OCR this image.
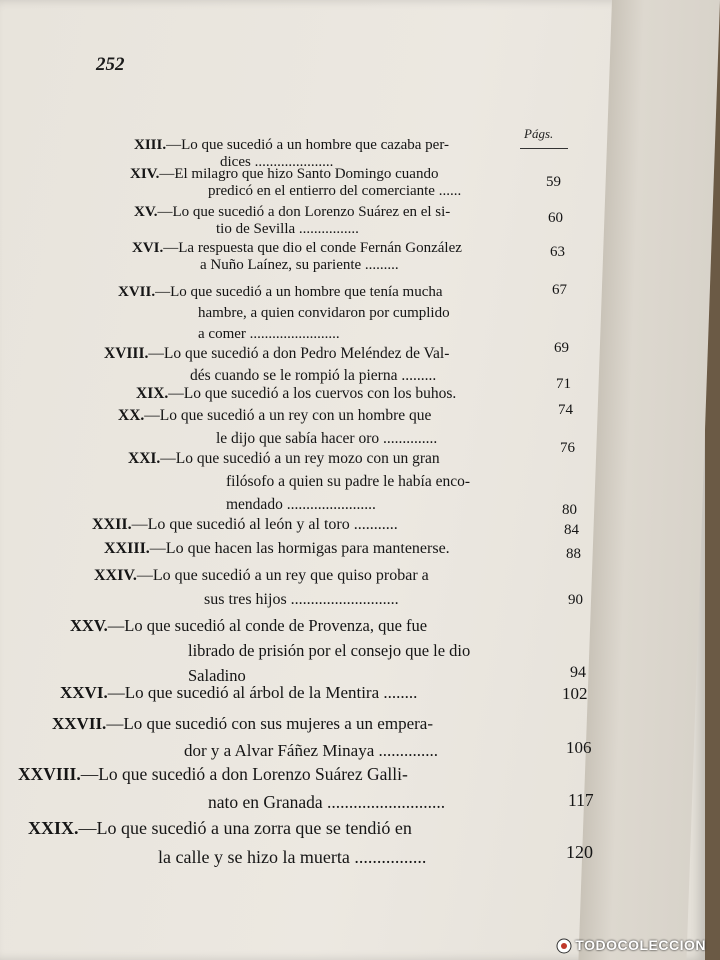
252
Págs.
XIII.—Lo que sucedió a un hombre que cazaba per-
dices .....................
59
XIV.—El milagro que hizo Santo Domingo cuando
predicó en el entierro del comerciante ......
60
XV.—Lo que sucedió a don Lorenzo Suárez en el si-
tio de Sevilla ................
63
XVI.—La respuesta que dio el conde Fernán González
a Nuño Laínez, su pariente .........
67
XVII.—Lo que sucedió a un hombre que tenía mucha
hambre, a quien convidaron por cumplido
a comer ........................
69
XVIII.—Lo que sucedió a don Pedro Meléndez de Val-
dés cuando se le rompió la pierna .........	71
XIX.—Lo que sucedió a los cuervos con los buhos.
74
XX.—Lo que sucedió a un rey con un hombre que
le dijo que sabía hacer oro ..............
76
XXI.—Lo que sucedió a un rey mozo con un gran
filósofo a quien su padre le había enco-
mendado .......................	80
XXII.—Lo que sucedió al león y al toro ...........	84
XXIII.—Lo que hacen las hormigas para mantenerse.	88
XXIV.—Lo que sucedió a un rey que quiso probar a
sus tres hijos ...........................	90
XXV.—Lo que sucedió al conde de Provenza, que fue
librado de prisión por el consejo que le dio
Saladino	94
XXVI.—Lo que sucedió al árbol de la Mentira ........	102
XXVII.—Lo que sucedió con sus mujeres a un empera-
dor y a Alvar Fáñez Minaya ..............	106
XXVIII.—Lo que sucedió a don Lorenzo Suárez Galli-
nato en Granada ...........................	117
XXIX.—Lo que sucedió a una zorra que se tendió en
la calle y se hizo la muerta ................	120
TODOCOLECCION
